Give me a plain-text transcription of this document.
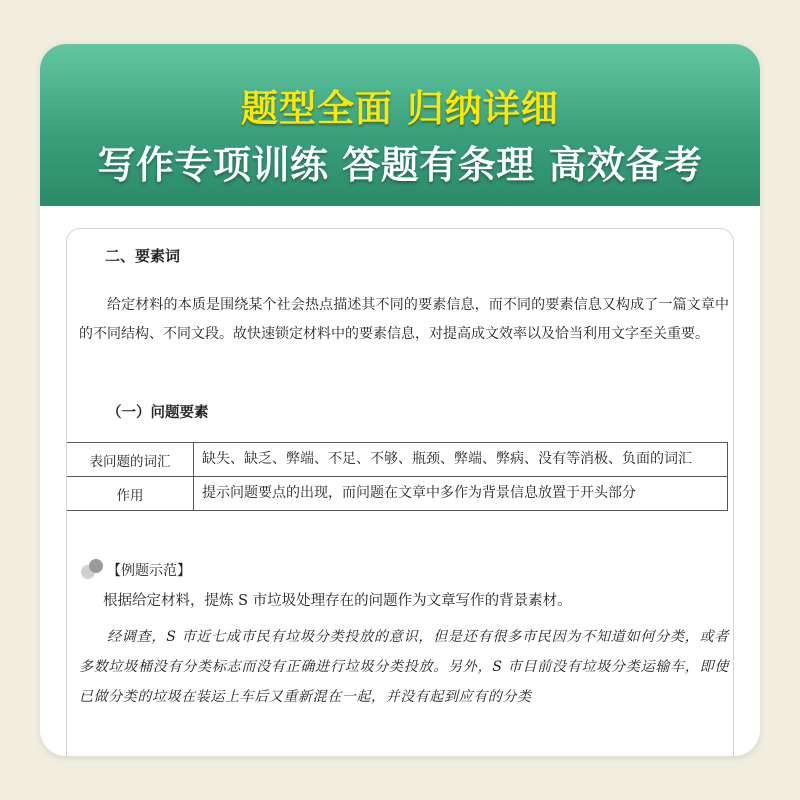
题型全面 归纳详细
写作专项训练 答题有条理 高效备考
二、要素词
给定材料的本质是围绕某个社会热点描述其不同的要素信息，而不同的要素信息又构成了一篇文章中的不同结构、不同文段。故快速锁定材料中的要素信息，对提高成文效率以及恰当利用文字至关重要。
（一）问题要素
表问题的词汇	缺失、缺乏、弊端、不足、不够、瓶颈、弊端、弊病、没有等消极、负面的词汇
作用	提示问题要点的出现，而问题在文章中多作为背景信息放置于开头部分
【例题示范】
根据给定材料，提炼 S 市垃圾处理存在的问题作为文章写作的背景素材。
经调查，S 市近七成市民有垃圾分类投放的意识，但是还有很多市民因为不知道如何分类，或者多数垃圾桶没有分类标志而没有正确进行垃圾分类投放。另外，S 市目前没有垃圾分类运输车，即使已做分类的垃圾在装运上车后又重新混在一起，并没有起到应有的分类
